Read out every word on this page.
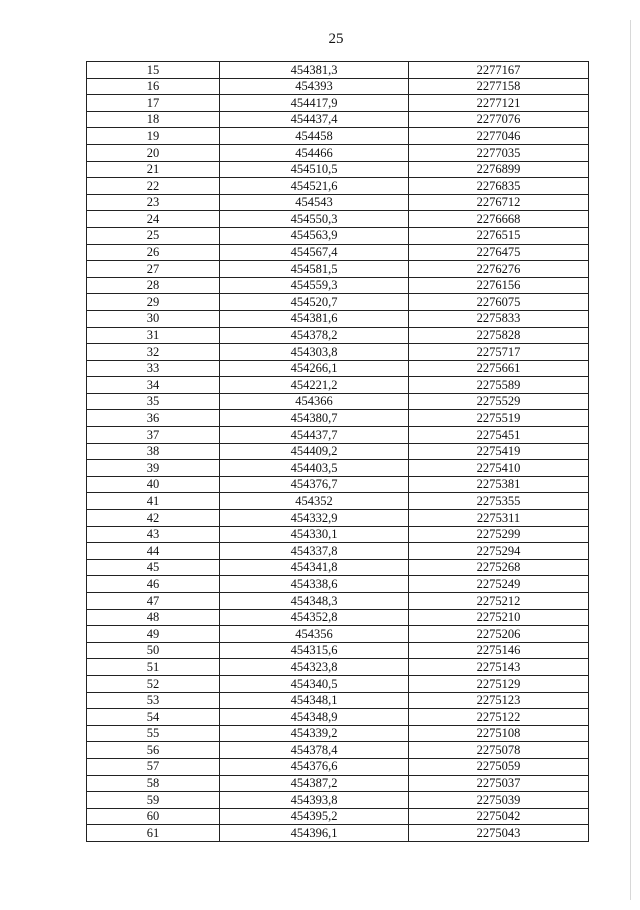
25
15	454381,3	2277167
16	454393	2277158
17	454417,9	2277121
18	454437,4	2277076
19	454458	2277046
20	454466	2277035
21	454510,5	2276899
22	454521,6	2276835
23	454543	2276712
24	454550,3	2276668
25	454563,9	2276515
26	454567,4	2276475
27	454581,5	2276276
28	454559,3	2276156
29	454520,7	2276075
30	454381,6	2275833
31	454378,2	2275828
32	454303,8	2275717
33	454266,1	2275661
34	454221,2	2275589
35	454366	2275529
36	454380,7	2275519
37	454437,7	2275451
38	454409,2	2275419
39	454403,5	2275410
40	454376,7	2275381
41	454352	2275355
42	454332,9	2275311
43	454330,1	2275299
44	454337,8	2275294
45	454341,8	2275268
46	454338,6	2275249
47	454348,3	2275212
48	454352,8	2275210
49	454356	2275206
50	454315,6	2275146
51	454323,8	2275143
52	454340,5	2275129
53	454348,1	2275123
54	454348,9	2275122
55	454339,2	2275108
56	454378,4	2275078
57	454376,6	2275059
58	454387,2	2275037
59	454393,8	2275039
60	454395,2	2275042
61	454396,1	2275043
